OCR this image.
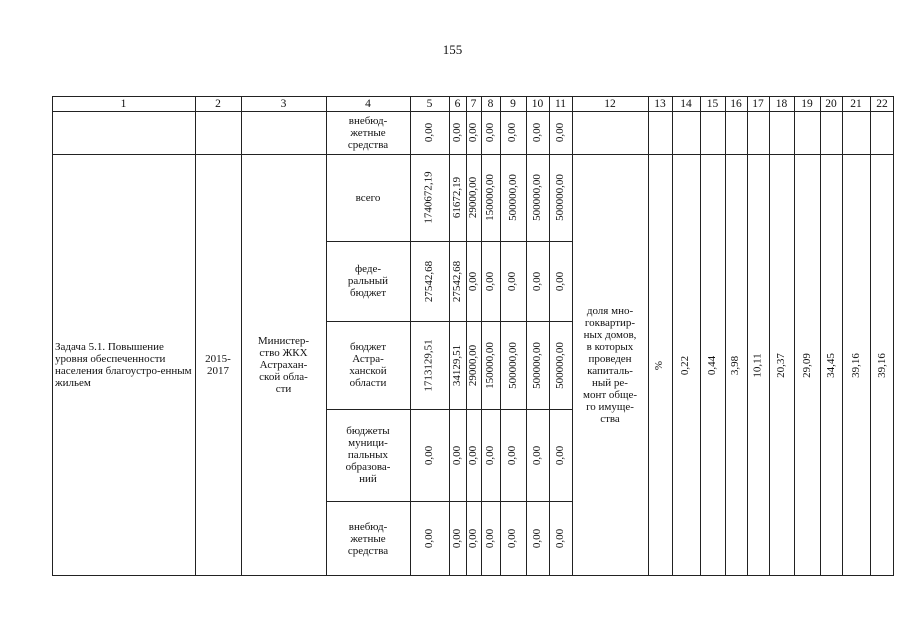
155
1	2	3	4	5	6 7 8	9	10	11	12	13	14	15	16 17	18	19	20	21	22
внебюд-
жетные
средства
0,00 0,00 0,00 0,00 0,00 0,00 0,00
Задача 5.1. Повышение уровня обеспеченности населения благоустро-енным жильем
2015-
2017
Министер-
ство ЖКХ
Астрахан-
ской обла-
сти
доля мно-
гоквартир-
ных домов,
в которых
проведен
капиталь-
ный ре-
монт обще-
го имуще-
ства
% 0,22 0,44 3,98 10,11 20,37 29,09 34,45 39,16 39,16
всего	1740672,19 61672,19 29000,00 150000,00 500000,00 500000,00 500000,00
феде-
ральный
бюджет	27542,68 27542,68 0,00 0,00 0,00 0,00 0,00
бюджет
Астра-
ханской
области	1713129,51 34129,51 29000,00 150000,00 500000,00 500000,00 500000,00
бюджеты
муници-
пальных
образова-
ний
0,00 0,00 0,00 0,00 0,00 0,00 0,00
внебюд-
жетные
средства
0,00 0,00 0,00 0,00 0,00 0,00 0,00
